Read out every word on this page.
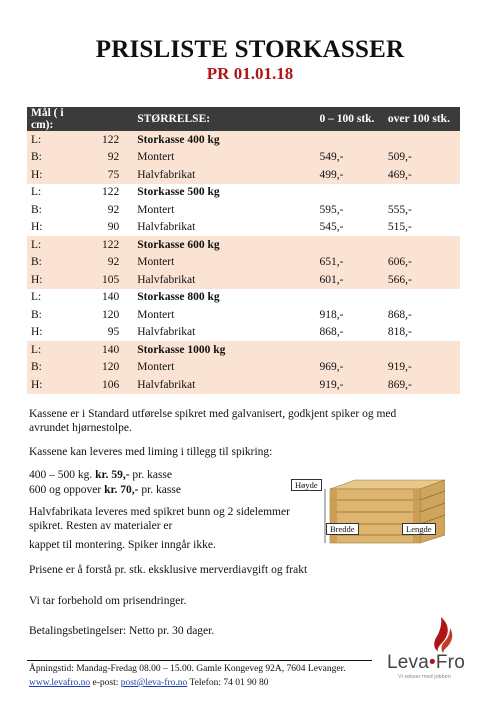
PRISLISTE STORKASSER
PR 01.01.18
Mål ( i cm):		STØRRELSE:	0 – 100 stk.	over 100 stk.
L:	122	Storkasse 400 kg		
B:	92	Montert	549,-	509,-
H:	75	Halvfabrikat	499,-	469,-
L:	122	Storkasse 500 kg		
B:	92	Montert	595,-	555,-
H:	90	Halvfabrikat	545,-	515,-
L:	122	Storkasse 600 kg		
B:	92	Montert	651,-	606,-
H:	105	Halvfabrikat	601,-	566,-
L:	140	Storkasse 800 kg		
B:	120	Montert	918,-	868,-
H:	95	Halvfabrikat	868,-	818,-
L:	140	Storkasse 1000 kg		
B:	120	Montert	969,-	919,-
H:	106	Halvfabrikat	919,-	869,-
Kassene er i Standard utførelse spikret med galvanisert, godkjent spiker og med
avrundet hjørnestolpe.
Kassene kan leveres med liming i tillegg til spikring:
400 – 500 kg. kr. 59,- pr. kasse
600 og oppover kr. 70,- pr. kasse
Halvfabrikata leveres med spikret bunn og 2 sidelemmer
spikret. Resten av materialer er
kappet til montering. Spiker inngår ikke.
Prisene er å forstå pr. stk. eksklusive merverdiavgift og frakt
Vi tar forbehold om prisendringer.
Betalingsbetingelser: Netto pr. 30 dager.
Høyde
Bredde	Lengde
Leva•Fro
Vi sekser med jobben
Åpningstid: Mandag-Fredag 08.00 – 15.00. Gamle Kongeveg 92A, 7604 Levanger.
www.levafro.no e-post: post@leva-fro.no Telefon: 74 01 90 80
